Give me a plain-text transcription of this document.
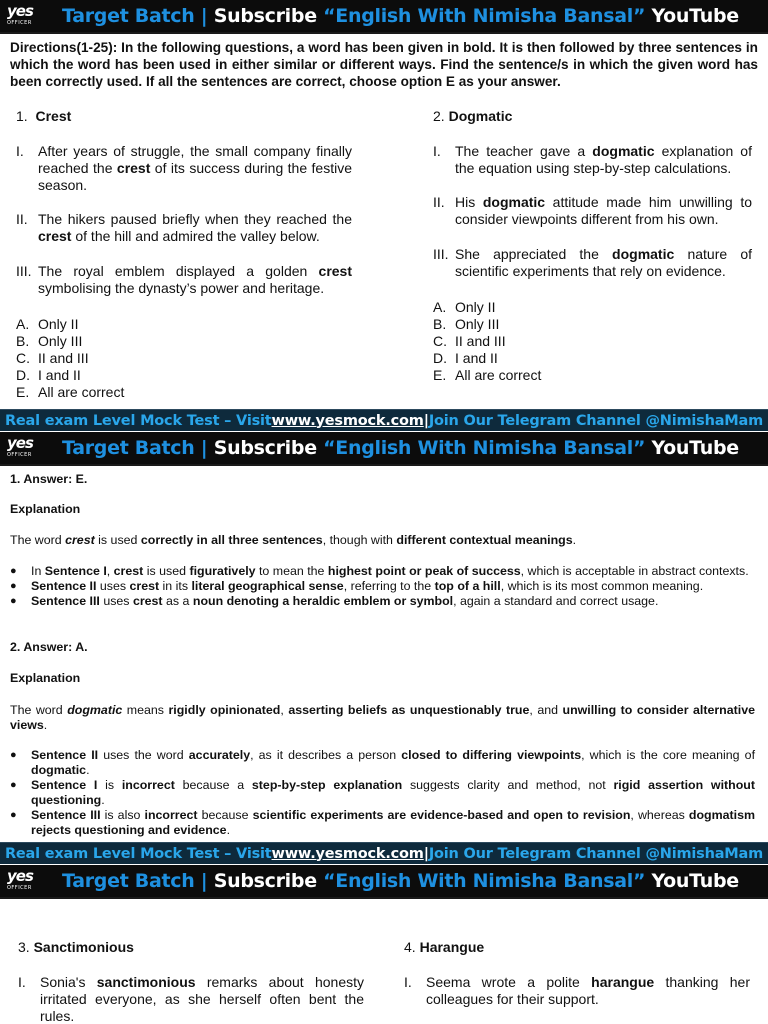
yes
OFFICER Target Batch | Subscribe “English With Nimisha Bansal” YouTube
Directions(1-25): In the following questions, a word has been given in bold. It is then followed by three sentences in which the word has been used in either similar or different ways. Find the sentence/s in which the given word has been correctly used. If all the sentences are correct, choose option E as your answer.
1. Crest
I.	After years of struggle, the small company finally reached the crest of its success during the festive season.
II. The hikers paused briefly when they reached the crest of the hill and admired the valley below.
III. The royal emblem displayed a golden crest symbolising the dynasty’s power and heritage.
A. Only II
B. Only III
C. II and III
D. I and II
E. All are correct
2. Dogmatic
I.	The teacher gave a dogmatic explanation of the equation using step-by-step calculations.
II. His dogmatic attitude made him unwilling to consider viewpoints different from his own.
III. She appreciated the dogmatic nature of scientific experiments that rely on evidence.
A. Only II
B. Only III
C. II and III
D. I and II
E. All are correct
Real exam Level Mock Test – Visit www.yesmock.com | Join Our Telegram Channel @NimishaMam
yes
OFFICER Target Batch | Subscribe “English With Nimisha Bansal” YouTube
1. Answer: E.
Explanation
The word crest is used correctly in all three sentences, though with different contextual meanings.
●	In Sentence I, crest is used figuratively to mean the highest point or peak of success, which is acceptable in abstract contexts.
●	Sentence II uses crest in its literal geographical sense, referring to the top of a hill, which is its most common meaning.
●	Sentence III uses crest as a noun denoting a heraldic emblem or symbol, again a standard and correct usage.
2. Answer: A.
Explanation
The word dogmatic means rigidly opinionated, asserting beliefs as unquestionably true, and unwilling to consider alternative views.
●	Sentence II uses the word accurately, as it describes a person closed to differing viewpoints, which is the core meaning of dogmatic.
●	Sentence I is incorrect because a step-by-step explanation suggests clarity and method, not rigid assertion without questioning.
●	Sentence III is also incorrect because scientific experiments are evidence-based and open to revision, whereas dogmatism rejects questioning and evidence.
Real exam Level Mock Test – Visit www.yesmock.com | Join Our Telegram Channel @NimishaMam
yes
OFFICER Target Batch | Subscribe “English With Nimisha Bansal” YouTube
3. Sanctimonious
I.	Sonia's sanctimonious remarks about honesty irritated everyone, as she herself often bent the rules.
4. Harangue
I.	Seema wrote a polite harangue thanking her colleagues for their support.
